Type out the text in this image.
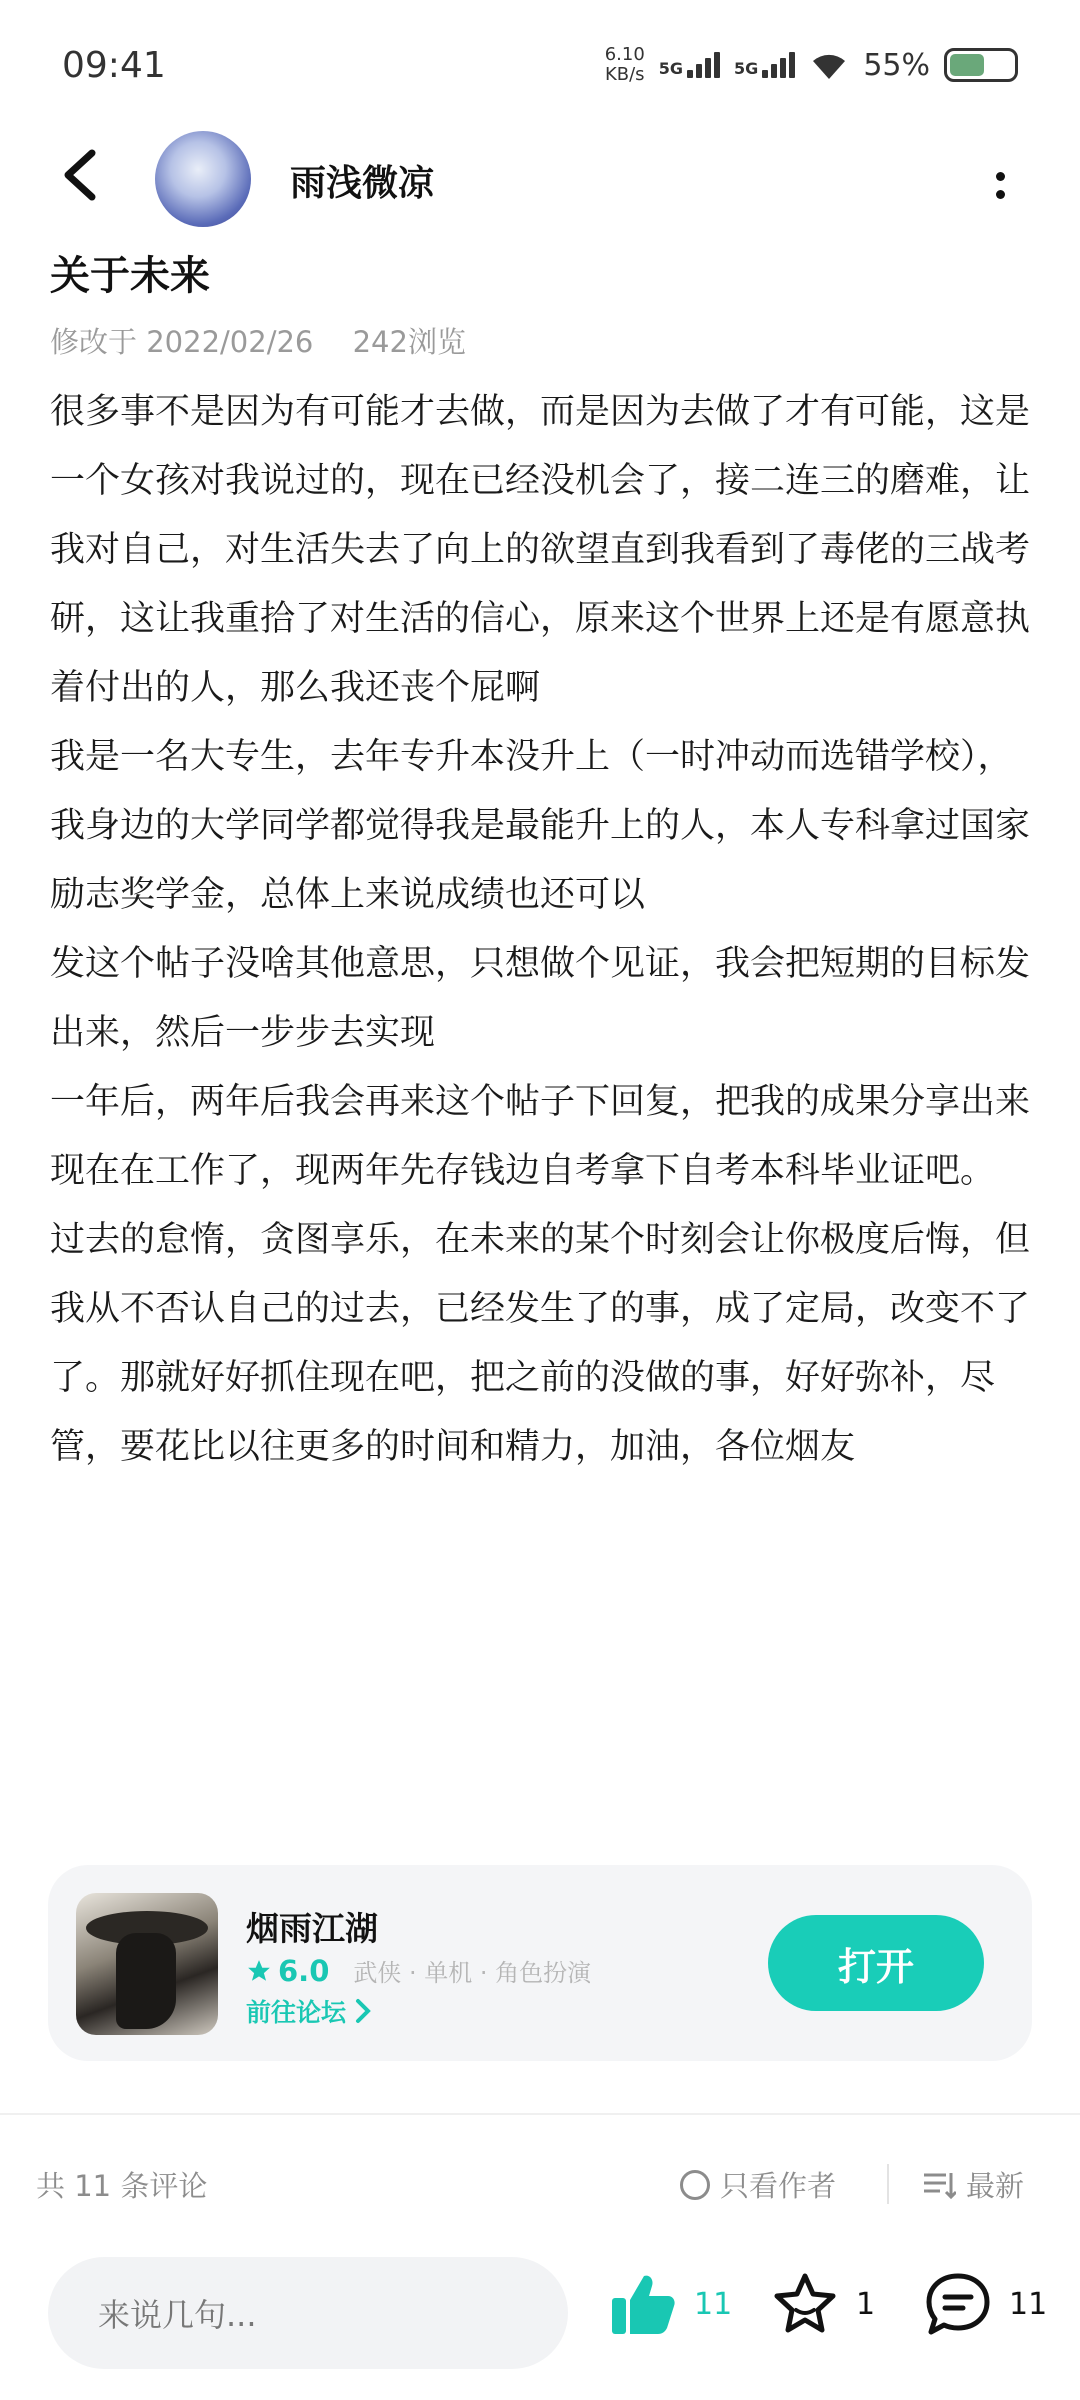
09:41	6.10
KB/s 5G	5G	55%
雨浅微凉
关于未来
修改于 2022/02/26 242浏览

很多事不是因为有可能才去做，而是因为去做了才有可能，这是一个女孩对我说过的，现在已经没机会了，接二连三的磨难，让我对自己，对生活失去了向上的欲望直到我看到了毒佬的三战考研，这让我重拾了对生活的信心，原来这个世界上还是有愿意执着付出的人，那么我还丧个屁啊

我是一名大专生，去年专升本没升上（一时冲动而选错学校），我身边的大学同学都觉得我是最能升上的人，本人专科拿过国家励志奖学金，总体上来说成绩也还可以

发这个帖子没啥其他意思，只想做个见证，我会把短期的目标发出来，然后一步步去实现

一年后，两年后我会再来这个帖子下回复，把我的成果分享出来

现在在工作了，现两年先存钱边自考拿下自考本科毕业证吧。

过去的怠惰，贪图享乐，在未来的某个时刻会让你极度后悔，但我从不否认自己的过去，已经发生了的事，成了定局，改变不了了。那就好好抓住现在吧，把之前的没做的事，好好弥补，尽管，要花比以往更多的时间和精力，加油，各位烟友

烟雨江湖
6.0 武侠 · 单机 · 角色扮演
前往论坛
打开
共 11 条评论	只看作者	最新
来说几句...	11	1	11
